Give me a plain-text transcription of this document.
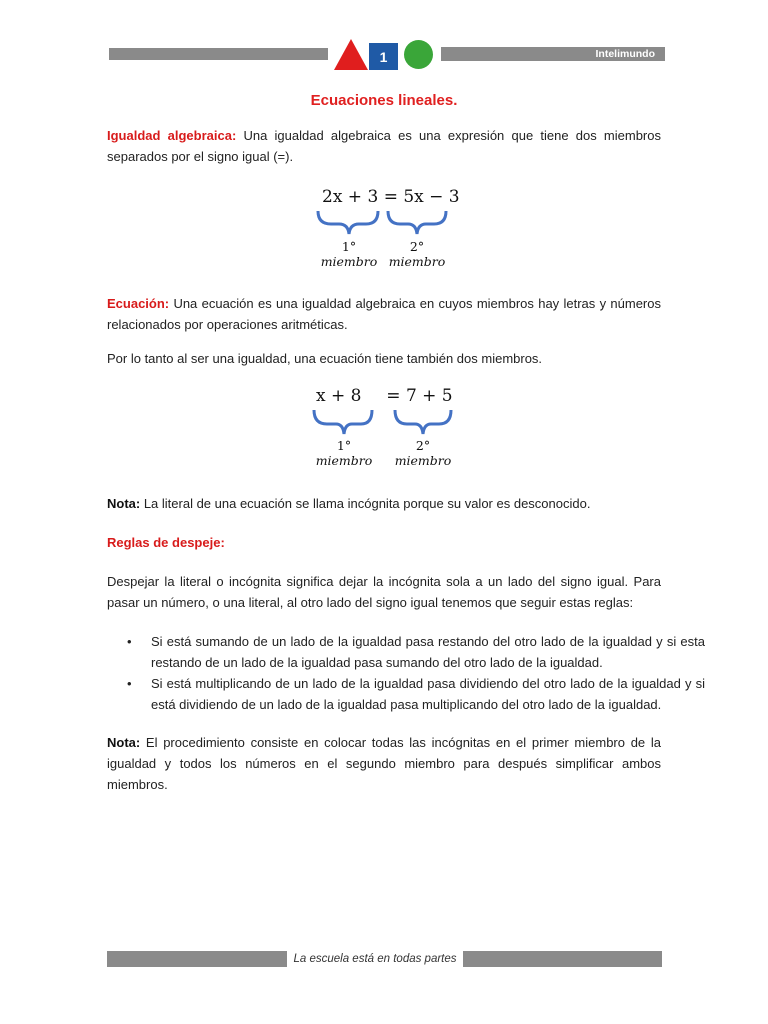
1	Intelimundo
Ecuaciones lineales.

Igualdad algebraica: Una igualdad algebraica es una expresión que tiene dos miembros separados por el signo igual (=).

2x + 3 = 5x − 3
1°
miembro
2°
miembro

Ecuación: Una ecuación es una igualdad algebraica en cuyos miembros hay letras y números relacionados por operaciones aritméticas.

Por lo tanto al ser una igualdad, una ecuación tiene también dos miembros.

x + 8 = 7 + 5
1°
miembro
2°
miembro

Nota: La literal de una ecuación se llama incógnita porque su valor es desconocido.

Reglas de despeje:

Despejar la literal o incógnita significa dejar la incógnita sola a un lado del signo igual. Para pasar un número, o una literal, al otro lado del signo igual tenemos que seguir estas reglas:

• Si está sumando de un lado de la igualdad pasa restando del otro lado de la igualdad y si esta restando de un lado de la igualdad pasa sumando del otro lado de la igualdad.
• Si está multiplicando de un lado de la igualdad pasa dividiendo del otro lado de la igualdad y si está dividiendo de un lado de la igualdad pasa multiplicando del otro lado de la igualdad.

Nota: El procedimiento consiste en colocar todas las incógnitas en el primer miembro de la igualdad y todos los números en el segundo miembro para después simplificar ambos miembros.

La escuela está en todas partes
